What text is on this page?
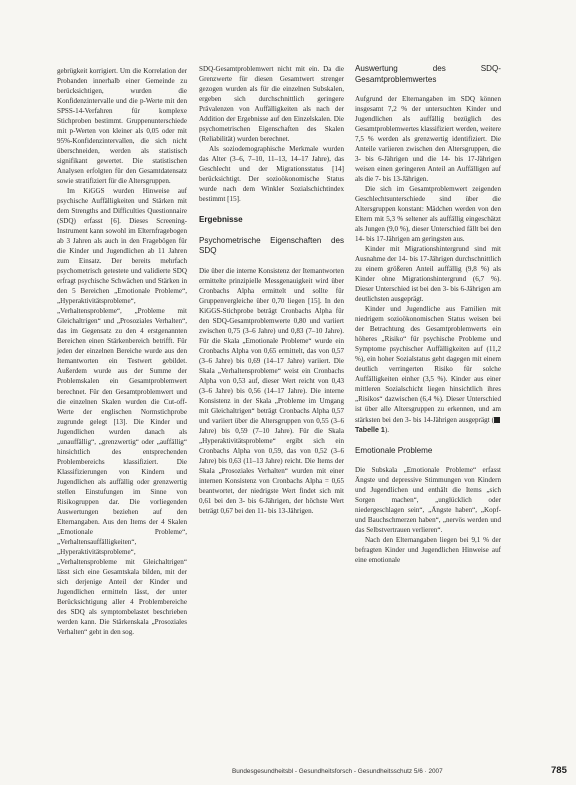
gebrügkeit korrigiert. Um die Korrelation der Probanden innerhalb einer Gemeinde zu berücksichtigen, wurden die Konfidenzintervalle und die p-Werte mit den SPSS-14-Verfahren für komplexe Stichproben bestimmt. Gruppenunterschiede mit p-Werten von kleiner als 0,05 oder mit 95%-Konfidenzintervallen, die sich nicht überschneiden, werden als statistisch signifikant gewertet. Die statistischen Analysen erfolgten für den Gesamtdatensatz sowie stratifiziert für die Altersgruppen.

Im KiGGS wurden Hinweise auf psychische Auffälligkeiten und Stärken mit dem Strengths and Difficulties Questionnaire (SDQ) erfasst [6]. Dieses Screening-Instrument kann sowohl im Elternfragebogen ab 3 Jahren als auch in den Fragebögen für die Kinder und Jugendlichen ab 11 Jahren zum Einsatz. Der bereits mehrfach psychometrisch getestete und validierte SDQ erfragt psychische Schwächen und Stärken in den 5 Bereichen „Emotionale Probleme“, „Hyperaktivitätsprobleme“, „Verhaltensprobleme“, „Probleme mit Gleichaltrigen“ und „Prosoziales Verhalten“, das im Gegensatz zu den 4 erstgenannten Bereichen einen Stärkenbereich betrifft. Für jeden der einzelnen Bereiche wurde aus den Itemantworten ein Testwert gebildet. Außerdem wurde aus der Summe der Problemskalen ein Gesamtproblemwert berechnet. Für den Gesamtproblemwert und die einzelnen Skalen wurden die Cut-off-Werte der englischen Normstichprobe zugrunde gelegt [13]. Die Kinder und Jugendlichen wurden danach als „unauffällig“, „grenzwertig“ oder „auffällig“ hinsichtlich des entsprechenden Problembereichs klassifiziert. Die Klassifizierungen von Kindern und Jugendlichen als auffällig oder grenzwertig stellen Einstufungen im Sinne von Risikogruppen dar. Die vorliegenden Auswertungen beziehen auf den Elternangaben. Aus den Items der 4 Skalen „Emotionale Probleme“, „Verhaltensauffälligkeiten“, „Hyperaktivitätsprobleme“, „Verhaltensprobleme mit Gleichaltrigen“ lässt sich eine Gesamtskala bilden, mit der sich derjenige Anteil der Kinder und Jugendlichen ermitteln lässt, der unter Berücksichtigung aller 4 Problembereiche des SDQ als symptombelastet beschrieben werden kann. Die Stärkenskala „Prosoziales Verhalten“ geht in den sog.

SDQ-Gesamtproblemwert nicht mit ein. Da die Grenzwerte für diesen Gesamtwert strenger gezogen wurden als für die einzelnen Subskalen, ergeben sich durchschnittlich geringere Prävalenzen von Auffälligkeiten als nach der Addition der Ergebnisse auf den Einzelskalen. Die psychometrischen Eigenschaften des Skalen (Reliabilität) wurden berechnet.

Als soziodemographische Merkmale wurden das Alter (3–6, 7–10, 11–13, 14–17 Jahre), das Geschlecht und der Migrationsstatus [14] berücksichtigt. Der sozioökonomische Status wurde nach dem Winkler Sozialschichtindex bestimmt [15].

Ergebnisse
Psychometrische Eigenschaften des SDQ

Die über die interne Konsistenz der Itemantworten ermittelte prinzipielle Messgenauigkeit wird über Cronbachs Alpha ermittelt und sollte für Gruppenvergleiche über 0,70 liegen [15]. In den KiGGS-Stichprobe beträgt Cronbachs Alpha für den SDQ-Gesamtproblemwerte 0,80 und variiert zwischen 0,75 (3–6 Jahre) und 0,83 (7–10 Jahre). Für die Skala „Emotionale Probleme“ wurde ein Cronbachs Alpha von 0,65 ermittelt, das von 0,57 (3–6 Jahre) bis 0,69 (14–17 Jahre) variiert. Die Skala „Verhaltensprobleme“ weist ein Cronbachs Alpha von 0,53 auf, dieser Wert reicht von 0,43 (3–6 Jahre) bis 0,56 (14–17 Jahre). Die interne Konsistenz in der Skala „Probleme im Umgang mit Gleichaltrigen“ beträgt Cronbachs Alpha 0,57 und variiert über die Altersgruppen von 0,55 (3–6 Jahre) bis 0,59 (7–10 Jahre). Für die Skala „Hyperaktivitätsprobleme“ ergibt sich ein Cronbachs Alpha von 0,59, das von 0,52 (3–6 Jahre) bis 0,63 (11–13 Jahre) reicht. Die Items der Skala „Prosoziales Verhalten“ wurden mit einer internen Konsistenz von Cronbachs Alpha = 0,65 beantwortet, der niedrigste Wert findet sich mit 0,61 bei den 3- bis 6-Jährigen, der höchste Wert beträgt 0,67 bei den 11- bis 13-Jährigen.

Auswertung des SDQ-Gesamtproblemwertes

Aufgrund der Elternangaben im SDQ können insgesamt 7,2 % der untersuchten Kinder und Jugendlichen als auffällig bezüglich des Gesamtproblemwertes klassifiziert werden, weitere 7,5 % werden als grenzwertig identifiziert. Die Anteile variieren zwischen den Altersgruppen, die 3- bis 6-Jährigen und die 14- bis 17-Jährigen weisen einen geringeren Anteil an Auffälligen auf als die 7- bis 13-Jährigen.

Die sich im Gesamtproblemwert zeigenden Geschlechtsunterschiede sind über die Altersgruppen konstant: Mädchen werden von den Eltern mit 5,3 % seltener als auffällig eingeschätzt als Jungen (9,0 %), dieser Unterschied fällt bei den 14- bis 17-Jährigen am geringsten aus.

Kinder mit Migrationshintergrund sind mit Ausnahme der 14- bis 17-Jährigen durchschnittlich zu einem größeren Anteil auffällig (9,8 %) als Kinder ohne Migrationshintergrund (6,7 %). Dieser Unterschied ist bei den 3- bis 6-Jährigen am deutlichsten ausgeprägt.

Kinder und Jugendliche aus Familien mit niedrigem sozioökonomischen Status weisen bei der Betrachtung des Gesamtproblemwerts ein höheres „Risiko“ für psychische Probleme und Symptome psychischer Auffälligkeiten auf (11,2 %), ein hoher Sozialstatus geht dagegen mit einem deutlich verringerten Risiko für solche Auffälligkeiten einher (3,5 %). Kinder aus einer mittleren Sozialschicht liegen hinsichtlich ihres „Risikos“ dazwischen (6,4 %). Dieser Unterschied ist über alle Altersgruppen zu erkennen, und am stärksten bei den 3- bis 14-Jährigen ausgeprägt (Tabelle 1).

Emotionale Probleme

Die Subskala „Emotionale Probleme“ erfasst Ängste und depressive Stimmungen von Kindern und Jugendlichen und enthält die Items „sich Sorgen machen“, „unglücklich oder niedergeschlagen sein“, „Ängste haben“, „Kopf- und Bauchschmerzen haben“, „nervös werden und das Selbstvertrauen verlieren“.

Nach den Elternangaben liegen bei 9,1 % der befragten Kinder und Jugendlichen Hinweise auf eine emotionale

Bundesgesundheitsbl - Gesundheitsforsch - Gesundheitsschutz 5/6 · 2007	785
